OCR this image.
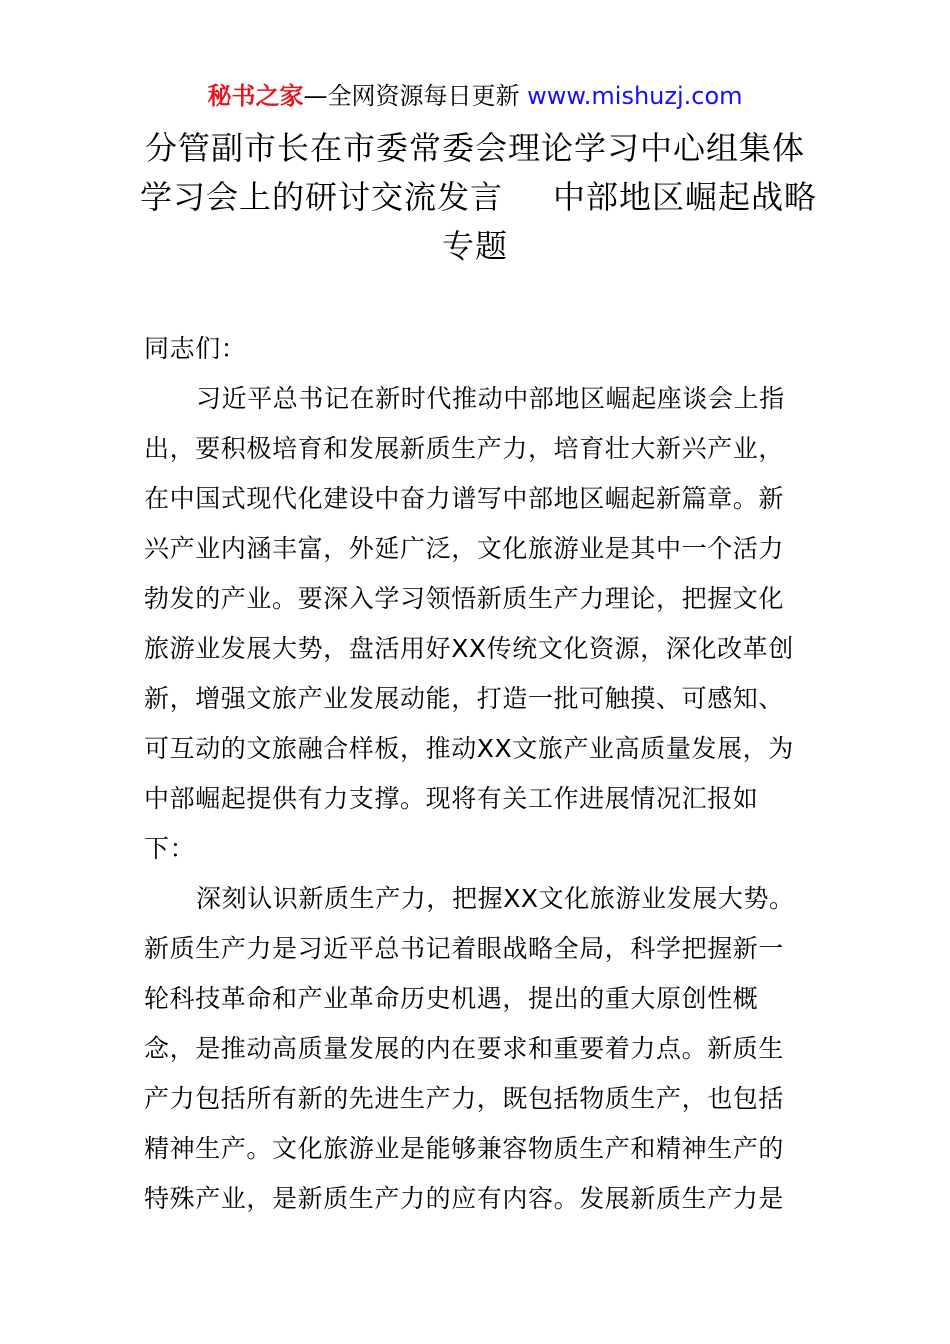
秘书之家—全网资源每日更新 www.mishuzj.com
分管副市长在市委常委会理论学习中心组集体
学习会上的研讨交流发言 中部地区崛起战略
专题

同志们：

习近平总书记在新时代推动中部地区崛起座谈会上指出，要积极培育和发展新质生产力，培育壮大新兴产业，在中国式现代化建设中奋力谱写中部地区崛起新篇章。新兴产业内涵丰富，外延广泛，文化旅游业是其中一个活力勃发的产业。要深入学习领悟新质生产力理论，把握文化旅游业发展大势，盘活用好XX传统文化资源，深化改革创新，增强文旅产业发展动能，打造一批可触摸、可感知、可互动的文旅融合样板，推动XX文旅产业高质量发展，为中部崛起提供有力支撑。现将有关工作进展情况汇报如下：

深刻认识新质生产力，把握XX文化旅游业发展大势。新质生产力是习近平总书记着眼战略全局，科学把握新一轮科技革命和产业革命历史机遇，提出的重大原创性概念，是推动高质量发展的内在要求和重要着力点。新质生产力包括所有新的先进生产力，既包括物质生产，也包括精神生产。文化旅游业是能够兼容物质生产和精神生产的特殊产业，是新质生产力的应有内容。发展新质生产力是
